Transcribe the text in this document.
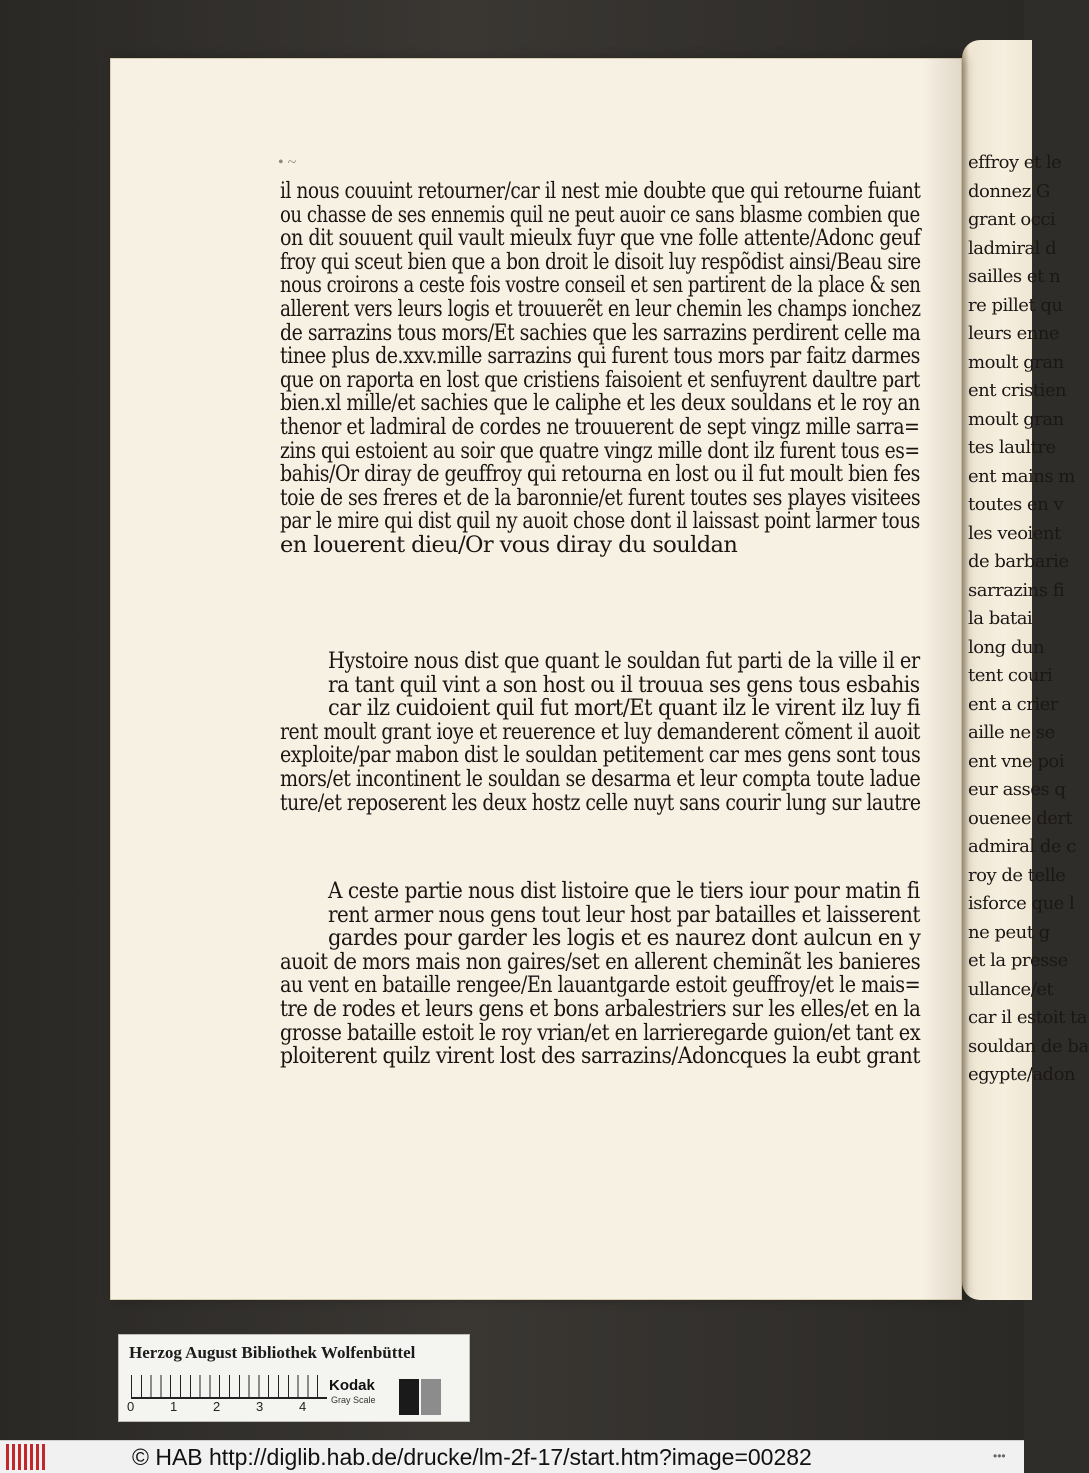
effroy et le
donnez G
grant occi
ladmiral d
sailles et n
re pillet qu
leurs enne
moult gran
ent cristien
moult gran
tes laultre
ent mains m
toutes en v
les veoient
de barbarie
sarrazins fi
la batai
long dun
tent couri
ent a crier
aille ne se
ent vne poi
eur asses q
ouenee dert
admiral de c
roy de telle
isforce que l
ne peut g
et la presse
ullance/et
car il estoit ta
souldan de ba
egypte/adon
• ~
il nous couuint retourner/car il nest mie doubte que qui retourne fuiant
ou chasse de ses ennemis quil ne peut auoir ce sans blasme combien que
on dit souuent quil vault mieulx fuyr que vne folle attente/Adonc geuf
froy qui sceut bien que a bon droit le disoit luy respõdist ainsi/Beau sire
nous croirons a ceste fois vostre conseil et sen partirent de la place & sen
allerent vers leurs logis et trouuerẽt en leur chemin les champs ionchez
de sarrazins tous mors/Et sachies que les sarrazins perdirent celle ma
tinee plus de.xxv.mille sarrazins qui furent tous mors par faitz darmes
que on raporta en lost que cristiens faisoient et senfuyrent daultre part
bien.xl mille/et sachies que le caliphe et les deux souldans et le roy an
thenor et ladmiral de cordes ne trouuerent de sept vingz mille sarra=
zins qui estoient au soir que quatre vingz mille dont ilz furent tous es=
bahis/Or diray de geuffroy qui retourna en lost ou il fut moult bien fes
toie de ses freres et de la baronnie/et furent toutes ses playes visitees
par le mire qui dist quil ny auoit chose dont il laissast point larmer tous
en louerent dieu/Or vous diray du souldan
Hystoire nous dist que quant le souldan fut parti de la ville il er
ra tant quil vint a son host ou il trouua ses gens tous esbahis
car ilz cuidoient quil fut mort/Et quant ilz le virent ilz luy fi
rent moult grant ioye et reuerence et luy demanderent cõment il auoit
exploite/par mabon dist le souldan petitement car mes gens sont tous
mors/et incontinent le souldan se desarma et leur compta toute ladue
ture/et reposerent les deux hostz celle nuyt sans courir lung sur lautre
A ceste partie nous dist listoire que le tiers iour pour matin fi
rent armer nous gens tout leur host par batailles et laisserent
gardes pour garder les logis et es naurez dont aulcun en y
auoit de mors mais non gaires/set en allerent cheminãt les banieres
au vent en bataille rengee/En lauantgarde estoit geuffroy/et le mais=
tre de rodes et leurs gens et bons arbalestriers sur les elles/et en la
grosse bataille estoit le roy vrian/et en larrieregarde guion/et tant ex
ploiterent quilz virent lost des sarrazins/Adoncques la eubt grant
Herzog August Bibliothek Wolfenbüttel
0	1	2	3	4
Kodak
Gray Scale
© HAB http://diglib.hab.de/drucke/lm-2f-17/start.htm?image=00282	•••
